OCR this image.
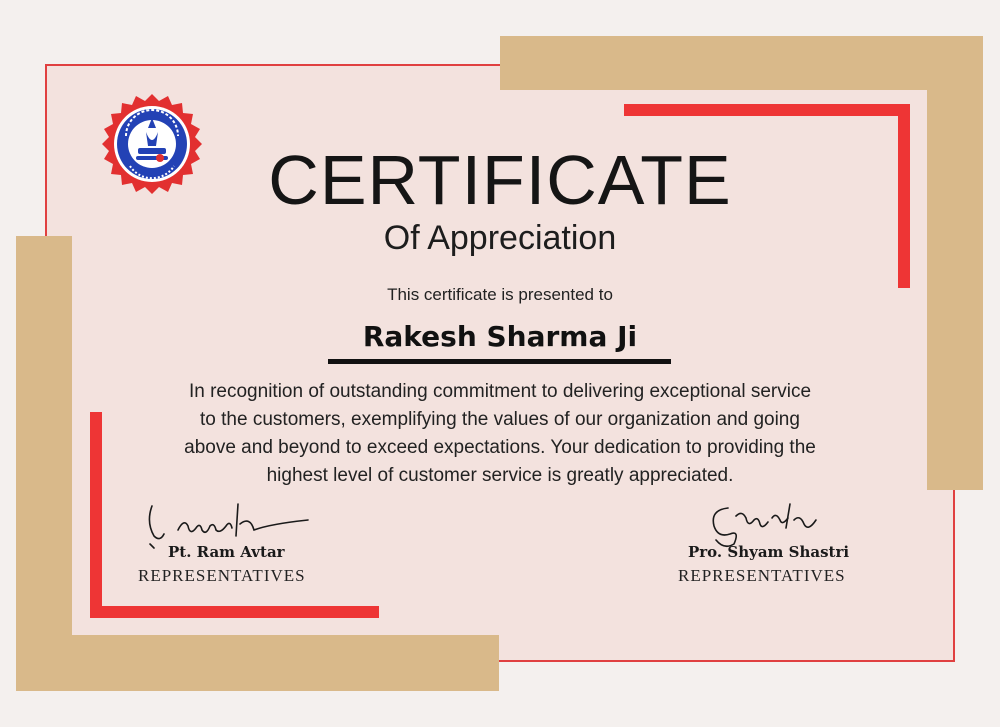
CERTIFICATE
Of Appreciation
This certificate is presented to
Rakesh Sharma Ji
In recognition of outstanding commitment to delivering exceptional service to the customers, exemplifying the values of our organization and going above and beyond to exceed expectations. Your dedication to providing the highest level of customer service is greatly appreciated.
Pt. Ram Avtar
REPRESENTATIVES
Pro. Shyam Shastri
REPRESENTATIVES
